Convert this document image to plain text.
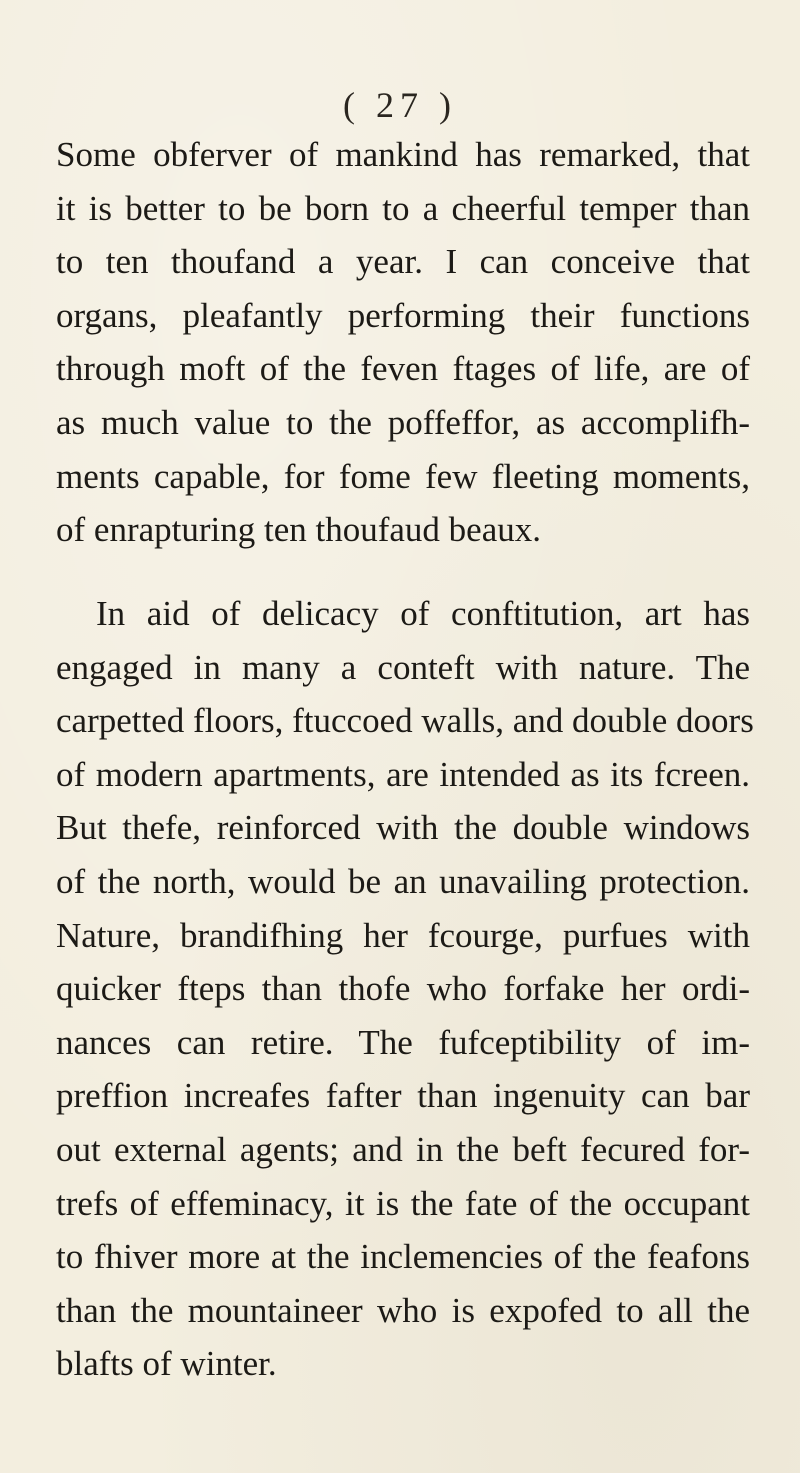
( 27 )
Some obferver of mankind has remarked, that
it is better to be born to a cheerful temper than
to ten thoufand a year. I can conceive that
organs, pleafantly performing their functions
through moft of the feven ftages of life, are of
as much value to the poffeffor, as accomplifh-
ments capable, for fome few fleeting moments,
of enrapturing ten thoufaud beaux.
In aid of delicacy of conftitution, art has
engaged in many a conteft with nature. The
carpetted floors, ftuccoed walls, and double doors
of modern apartments, are intended as its fcreen.
But thefe, reinforced with the double windows
of the north, would be an unavailing protection.
Nature, brandifhing her fcourge, purfues with
quicker fteps than thofe who forfake her ordi-
nances can retire. The fufceptibility of im-
preffion increafes fafter than ingenuity can bar
out external agents; and in the beft fecured for-
trefs of effeminacy, it is the fate of the occupant
to fhiver more at the inclemencies of the feafons
than the mountaineer who is expofed to all the
blafts of winter.
